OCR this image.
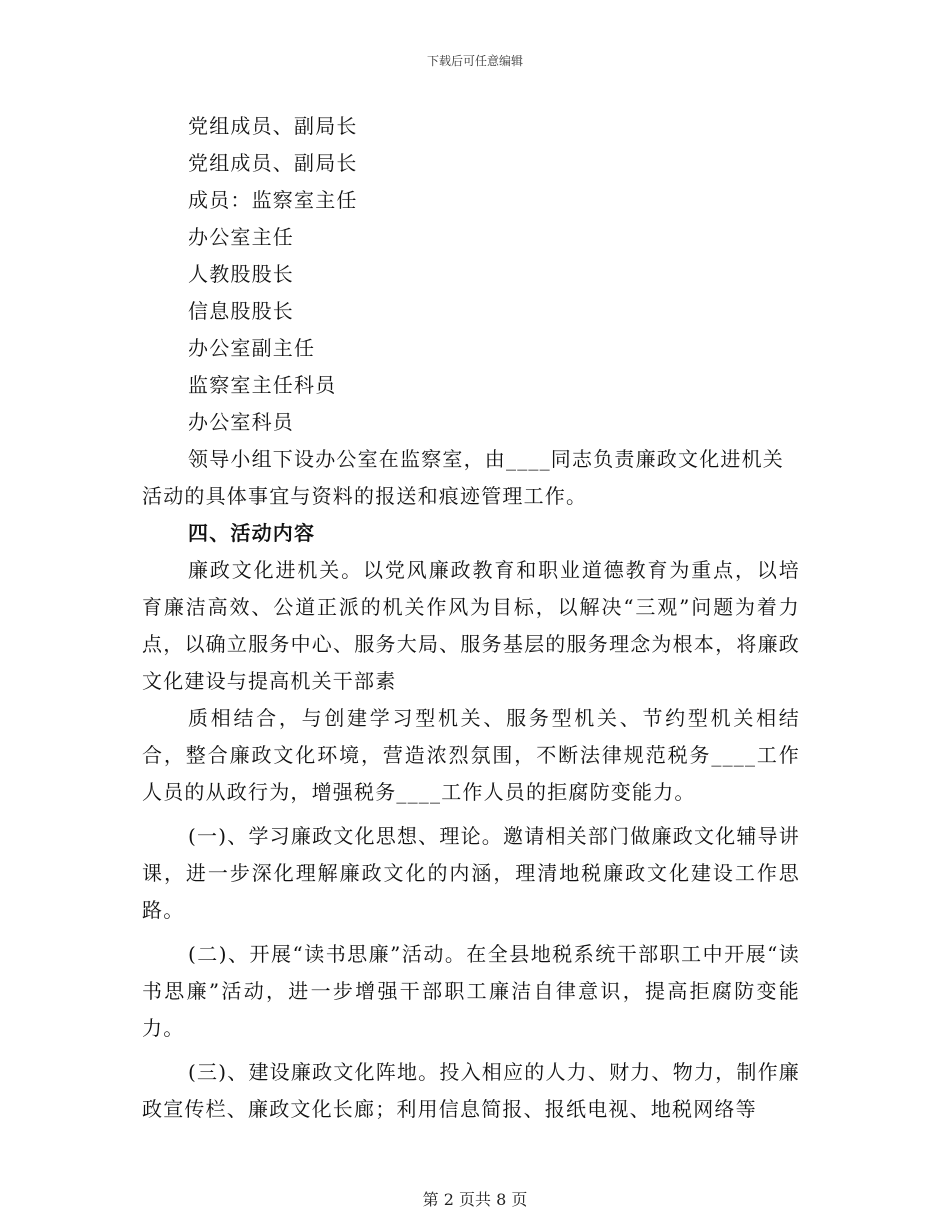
下载后可任意编辑
党组成员、副局长
党组成员、副局长
成员：监察室主任
办公室主任
人教股股长
信息股股长
办公室副主任
监察室主任科员
办公室科员
领导小组下设办公室在监察室，由____同志负责廉政文化进机关
活动的具体事宜与资料的报送和痕迹管理工作。
四、活动内容

廉政文化进机关。以党风廉政教育和职业道德教育为重点，以培育廉洁高效、公道正派的机关作风为目标，以解决“三观”问题为着力点，以确立服务中心、服务大局、服务基层的服务理念为根本，将廉政文化建设与提高机关干部素

质相结合，与创建学习型机关、服务型机关、节约型机关相结合，整合廉政文化环境，营造浓烈氛围，不断法律规范税务____工作人员的从政行为，增强税务____工作人员的拒腐防变能力。

(一)、学习廉政文化思想、理论。邀请相关部门做廉政文化辅导讲课，进一步深化理解廉政文化的内涵，理清地税廉政文化建设工作思路。

(二)、开展“读书思廉”活动。在全县地税系统干部职工中开展“读书思廉”活动，进一步增强干部职工廉洁自律意识，提高拒腐防变能力。

(三)、建设廉政文化阵地。投入相应的人力、财力、物力，制作廉政宣传栏、廉政文化长廊；利用信息简报、报纸电视、地税网络等

第 2 页共 8 页
